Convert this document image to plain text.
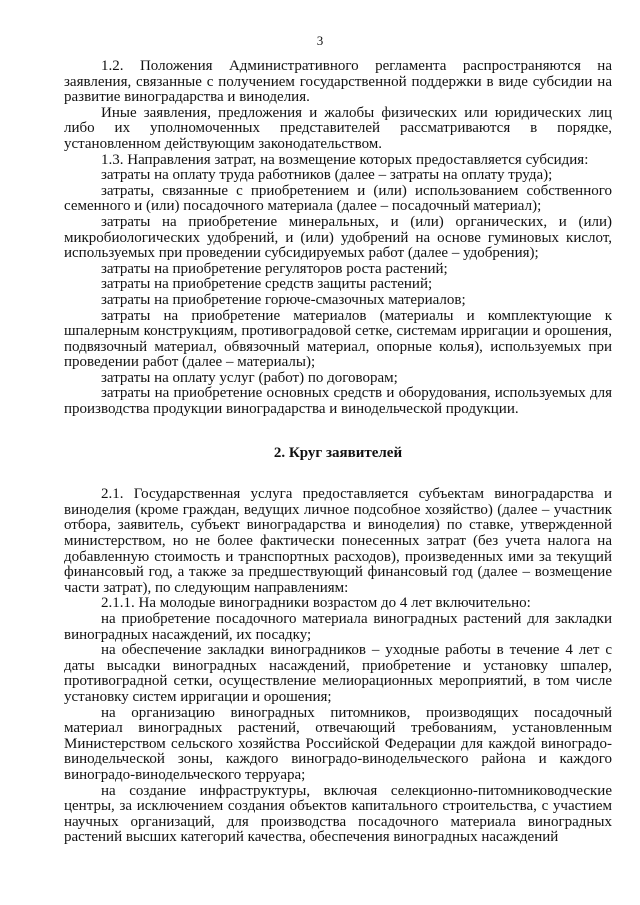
3

1.2. Положения Административного регламента распространяются на заявления, связанные с получением государственной поддержки в виде субсидии на развитие виноградарства и виноделия.

Иные заявления, предложения и жалобы физических или юридических лиц либо их уполномоченных представителей рассматриваются в порядке, установленном действующим законодательством.

1.3. Направления затрат, на возмещение которых предоставляется субсидия:

затраты на оплату труда работников (далее – затраты на оплату труда);

затраты, связанные с приобретением и (или) использованием собственного семенного и (или) посадочного материала (далее – посадочный материал);

затраты на приобретение минеральных, и (или) органических, и (или) микробиологических удобрений, и (или) удобрений на основе гуминовых кислот, используемых при проведении субсидируемых работ (далее – удобрения);

затраты на приобретение регуляторов роста растений;

затраты на приобретение средств защиты растений;

затраты на приобретение горюче-смазочных материалов;

затраты на приобретение материалов (материалы и комплектующие к шпалерным конструкциям, противоградовой сетке, системам ирригации и орошения, подвязочный материал, обвязочный материал, опорные колья), используемых при проведении работ (далее – материалы);

затраты на оплату услуг (работ) по договорам;

затраты на приобретение основных средств и оборудования, используемых для производства продукции виноградарства и винодельческой продукции.

2. Круг заявителей

2.1. Государственная услуга предоставляется субъектам виноградарства и виноделия (кроме граждан, ведущих личное подсобное хозяйство) (далее – участник отбора, заявитель, субъект виноградарства и виноделия) по ставке, утвержденной министерством, но не более фактически понесенных затрат (без учета налога на добавленную стоимость и транспортных расходов), произведенных ими за текущий финансовый год, а также за предшествующий финансовый год (далее – возмещение части затрат), по следующим направлениям:

2.1.1. На молодые виноградники возрастом до 4 лет включительно:

на приобретение посадочного материала виноградных растений для закладки виноградных насаждений, их посадку;

на обеспечение закладки виноградников – уходные работы в течение 4 лет с даты высадки виноградных насаждений, приобретение и установку шпалер, противоградной сетки, осуществление мелиорационных мероприятий, в том числе установку систем ирригации и орошения;

на организацию виноградных питомников, производящих посадочный материал виноградных растений, отвечающий требованиям, установленным Министерством сельского хозяйства Российской Федерации для каждой виноградо-винодельческой зоны, каждого виноградо-винодельческого района и каждого виноградо-винодельческого терруара;

на создание инфраструктуры, включая селекционно-питомниководческие центры, за исключением создания объектов капитального строительства, с участием научных организаций, для производства посадочного материала виноградных растений высших категорий качества, обеспечения виноградных насаждений
